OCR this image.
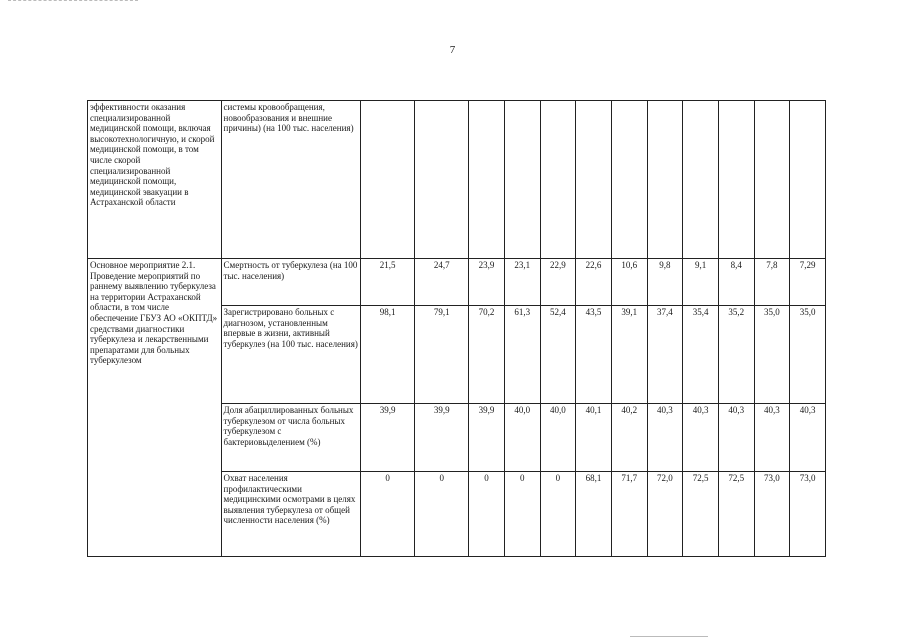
7
эффективности оказания специализированной медицинской помощи, включая высокотехнологичную, и скорой медицинской помощи, в том числе скорой специализированной медицинской помощи, медицинской эвакуации в Астраханской области	системы кровообращения, новообразования и внешние причины) (на 100 тыс. населения)												
Основное мероприятие 2.1. Проведение мероприятий по раннему выявлению туберкулеза на территории Астраханской области, в том числе обеспечение ГБУЗ АО «ОКПТД» средствами диагностики туберкулеза и лекарственными препаратами для больных туберкулезом	Смертность от туберкулеза (на 100 тыс. населения)	21,5	24,7	23,9	23,1	22,9	22,6	10,6	9,8	9,1	8,4	7,8	7,29
	Зарегистрировано больных с диагнозом, установленным впервые в жизни, активный туберкулез (на 100 тыс. населения)	98,1	79,1	70,2	61,3	52,4	43,5	39,1	37,4	35,4	35,2	35,0	35,0
	Доля абациллированных больных туберкулезом от числа больных туберкулезом с бактериовыделением (%)	39,9	39,9	39,9	40,0	40,0	40,1	40,2	40,3	40,3	40,3	40,3	40,3
	Охват населения профилактическими медицинскими осмотрами в целях выявления туберкулеза от общей численности населения (%)	0	0	0	0	0	68,1	71,7	72,0	72,5	72,5	73,0	73,0
